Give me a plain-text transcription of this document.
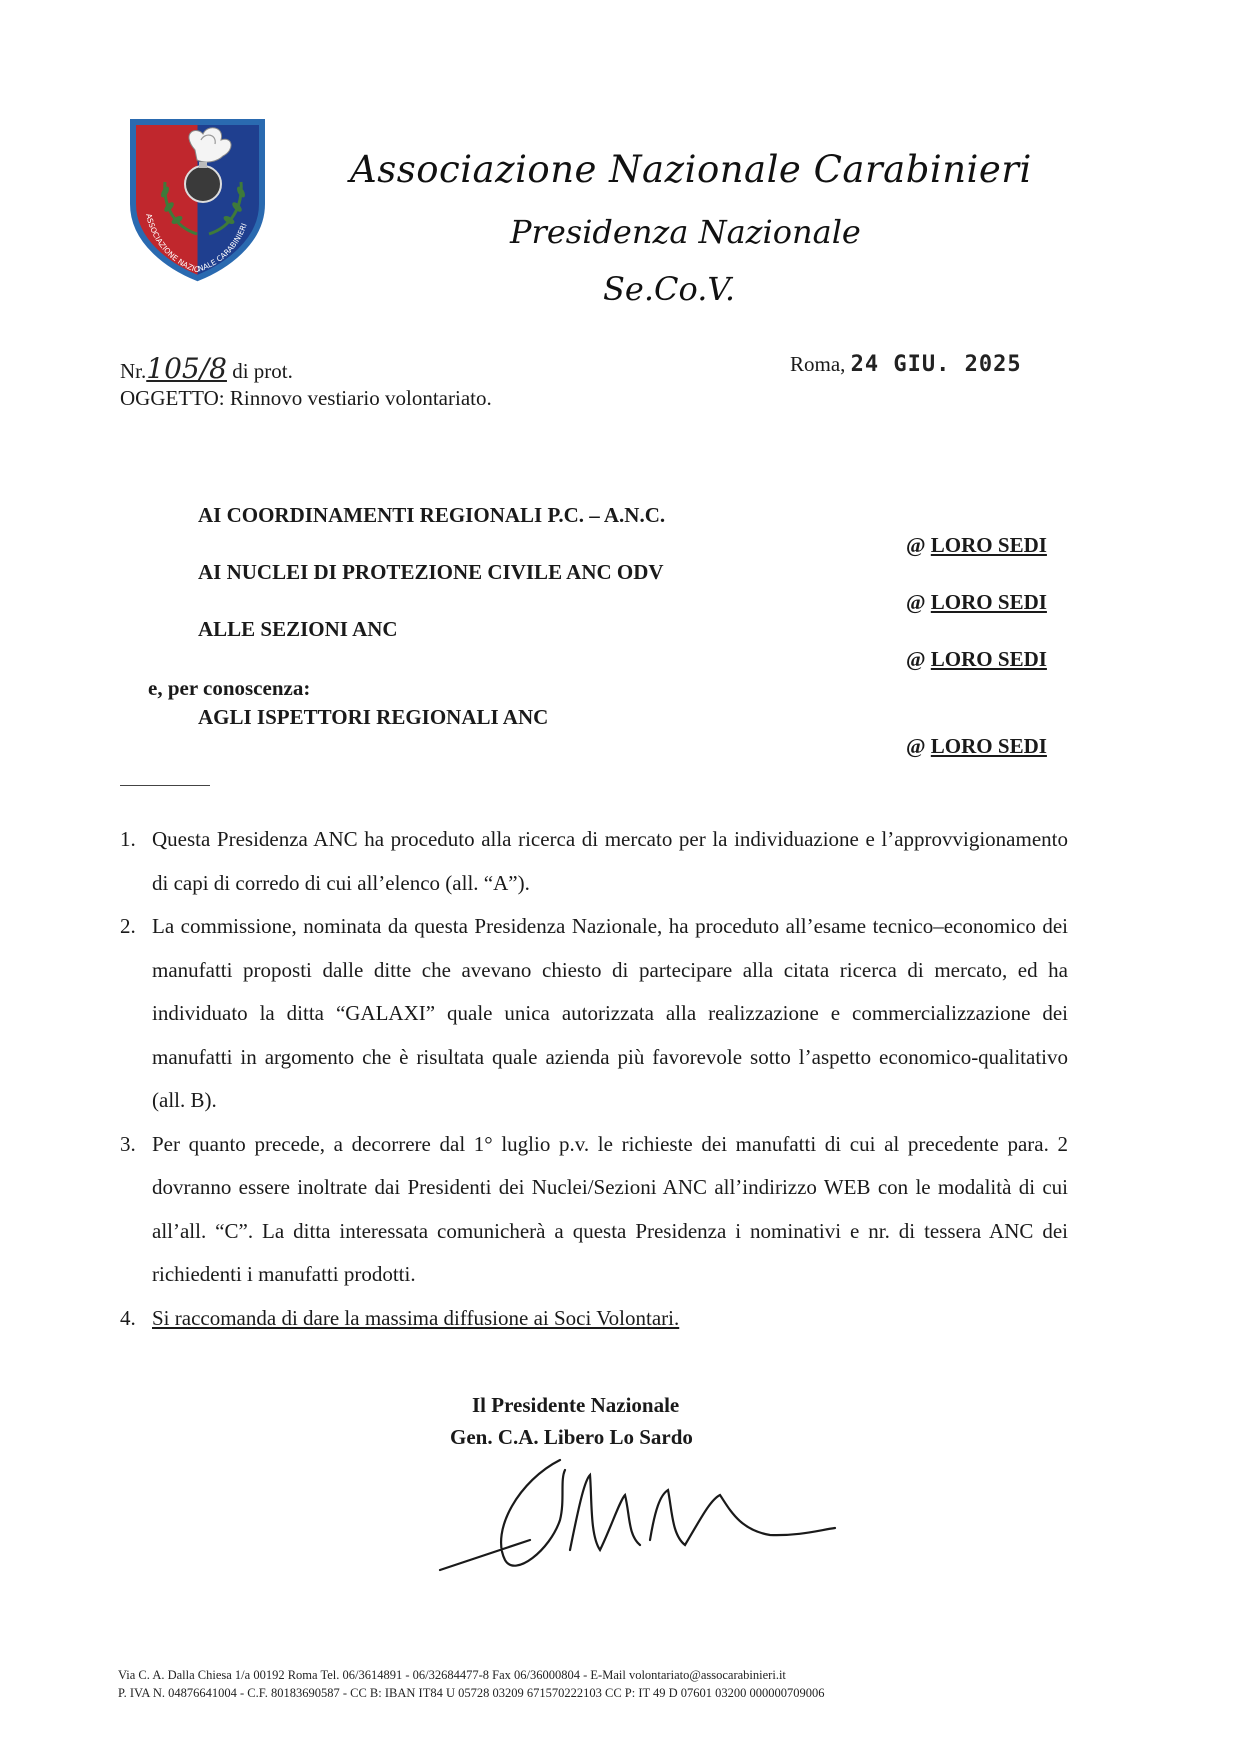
ASSOCIAZIONE NAZIONALE CARABINIERI
Associazione Nazionale Carabinieri
Presidenza Nazionale
Se.Co.V.
Nr.105/8 di prot.
OGGETTO: Rinnovo vestiario volontariato.
Roma, 24 GIU. 2025
AI COORDINAMENTI REGIONALI P.C. – A.N.C.
@ LORO SEDI
AI NUCLEI DI PROTEZIONE CIVILE ANC ODV
@ LORO SEDI
ALLE SEZIONI ANC
@ LORO SEDI
e, per conoscenza:
AGLI ISPETTORI REGIONALI ANC
@ LORO SEDI
1. Questa Presidenza ANC ha proceduto alla ricerca di mercato per la individuazione e l’approvvigionamento di capi di corredo di cui all’elenco (all. “A”).
2. La commissione, nominata da questa Presidenza Nazionale, ha proceduto all’esame tecnico–economico dei manufatti proposti dalle ditte che avevano chiesto di partecipare alla citata ricerca di mercato, ed ha individuato la ditta “GALAXI” quale unica autorizzata alla realizzazione e commercializzazione dei manufatti in argomento che è risultata quale azienda più favorevole sotto l’aspetto economico-qualitativo (all. B).
3. Per quanto precede, a decorrere dal 1° luglio p.v. le richieste dei manufatti di cui al precedente para. 2 dovranno essere inoltrate dai Presidenti dei Nuclei/Sezioni ANC all’indirizzo WEB con le modalità di cui all’all. “C”. La ditta interessata comunicherà a questa Presidenza i nominativi e nr. di tessera ANC dei richiedenti i manufatti prodotti.
4. Si raccomanda di dare la massima diffusione ai Soci Volontari.
Il Presidente Nazionale
Gen. C.A. Libero Lo Sardo
Via C. A. Dalla Chiesa 1/a 00192 Roma Tel. 06/3614891 - 06/32684477-8 Fax 06/36000804 - E-Mail volontariato@assocarabinieri.it
P. IVA N. 04876641004 - C.F. 80183690587 - CC B: IBAN IT84 U 05728 03209 671570222103 CC P: IT 49 D 07601 03200 000000709006
